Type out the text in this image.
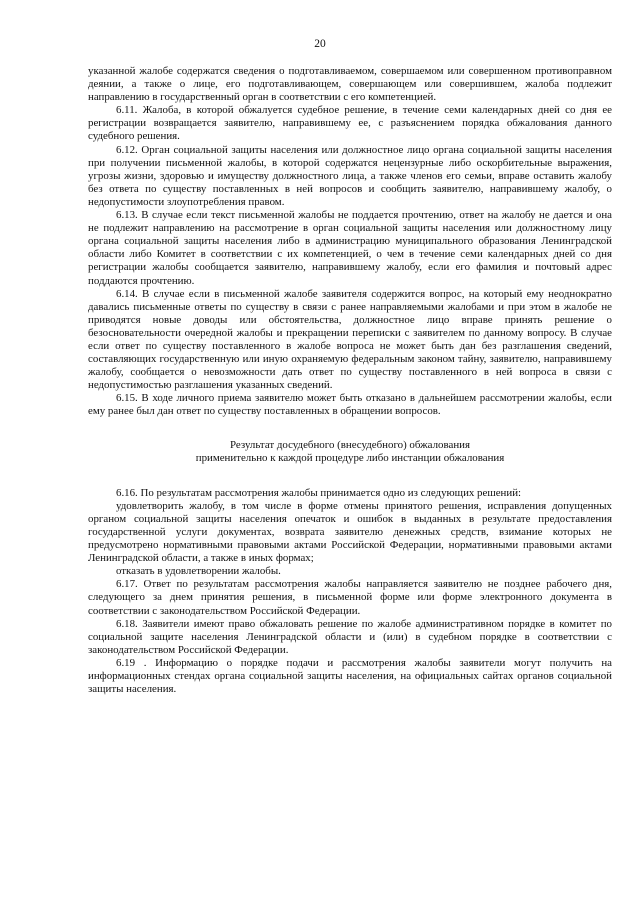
20

указанной жалобе содержатся сведения о подготавливаемом, совершаемом или совершенном противоправном деянии, а также о лице, его подготавливающем, совершающем или совершившем, жалоба подлежит направлению в государственный орган в соответствии с его компетенцией.

6.11. Жалоба, в которой обжалуется судебное решение, в течение семи календарных дней со дня ее регистрации возвращается заявителю, направившему ее, с разъяснением порядка обжалования данного судебного решения.

6.12. Орган социальной защиты населения или должностное лицо органа социальной защиты населения при получении письменной жалобы, в которой содержатся нецензурные либо оскорбительные выражения, угрозы жизни, здоровью и имуществу должностного лица, а также членов его семьи, вправе оставить жалобу без ответа по существу поставленных в ней вопросов и сообщить заявителю, направившему жалобу, о недопустимости злоупотребления правом.

6.13. В случае если текст письменной жалобы не поддается прочтению, ответ на жалобу не дается и она не подлежит направлению на рассмотрение в орган социальной защиты населения или должностному лицу органа социальной защиты населения либо в администрацию муниципального образования Ленинградской области либо Комитет в соответствии с их компетенцией, о чем в течение семи календарных дней со дня регистрации жалобы сообщается заявителю, направившему жалобу, если его фамилия и почтовый адрес поддаются прочтению.

6.14. В случае если в письменной жалобе заявителя содержится вопрос, на который ему неоднократно давались письменные ответы по существу в связи с ранее направляемыми жалобами и при этом в жалобе не приводятся новые доводы или обстоятельства, должностное лицо вправе принять решение о безосновательности очередной жалобы и прекращении переписки с заявителем по данному вопросу. В случае если ответ по существу поставленного в жалобе вопроса не может быть дан без разглашения сведений, составляющих государственную или иную охраняемую федеральным законом тайну, заявителю, направившему жалобу, сообщается о невозможности дать ответ по существу поставленного в ней вопроса в связи с недопустимостью разглашения указанных сведений.

6.15. В ходе личного приема заявителю может быть отказано в дальнейшем рассмотрении жалобы, если ему ранее был дан ответ по существу поставленных в обращении вопросов.

Результат досудебного (внесудебного) обжалования
применительно к каждой процедуре либо инстанции обжалования

6.16. По результатам рассмотрения жалобы принимается одно из следующих решений:

удовлетворить жалобу, в том числе в форме отмены принятого решения, исправления допущенных органом социальной защиты населения опечаток и ошибок в выданных в результате предоставления государственной услуги документах, возврата заявителю денежных средств, взимание которых не предусмотрено нормативными правовыми актами Российской Федерации, нормативными правовыми актами Ленинградской области, а также в иных формах;

отказать в удовлетворении жалобы.

6.17. Ответ по результатам рассмотрения жалобы направляется заявителю не позднее рабочего дня, следующего за днем принятия решения, в письменной форме или форме электронного документа в соответствии с законодательством Российской Федерации.

6.18. Заявители имеют право обжаловать решение по жалобе административном порядке в комитет по социальной защите населения Ленинградской области и (или) в судебном порядке в соответствии с законодательством Российской Федерации.

6.19 . Информацию о порядке подачи и рассмотрения жалобы заявители могут получить на информационных стендах органа социальной защиты населения, на официальных сайтах органов социальной защиты населения.
